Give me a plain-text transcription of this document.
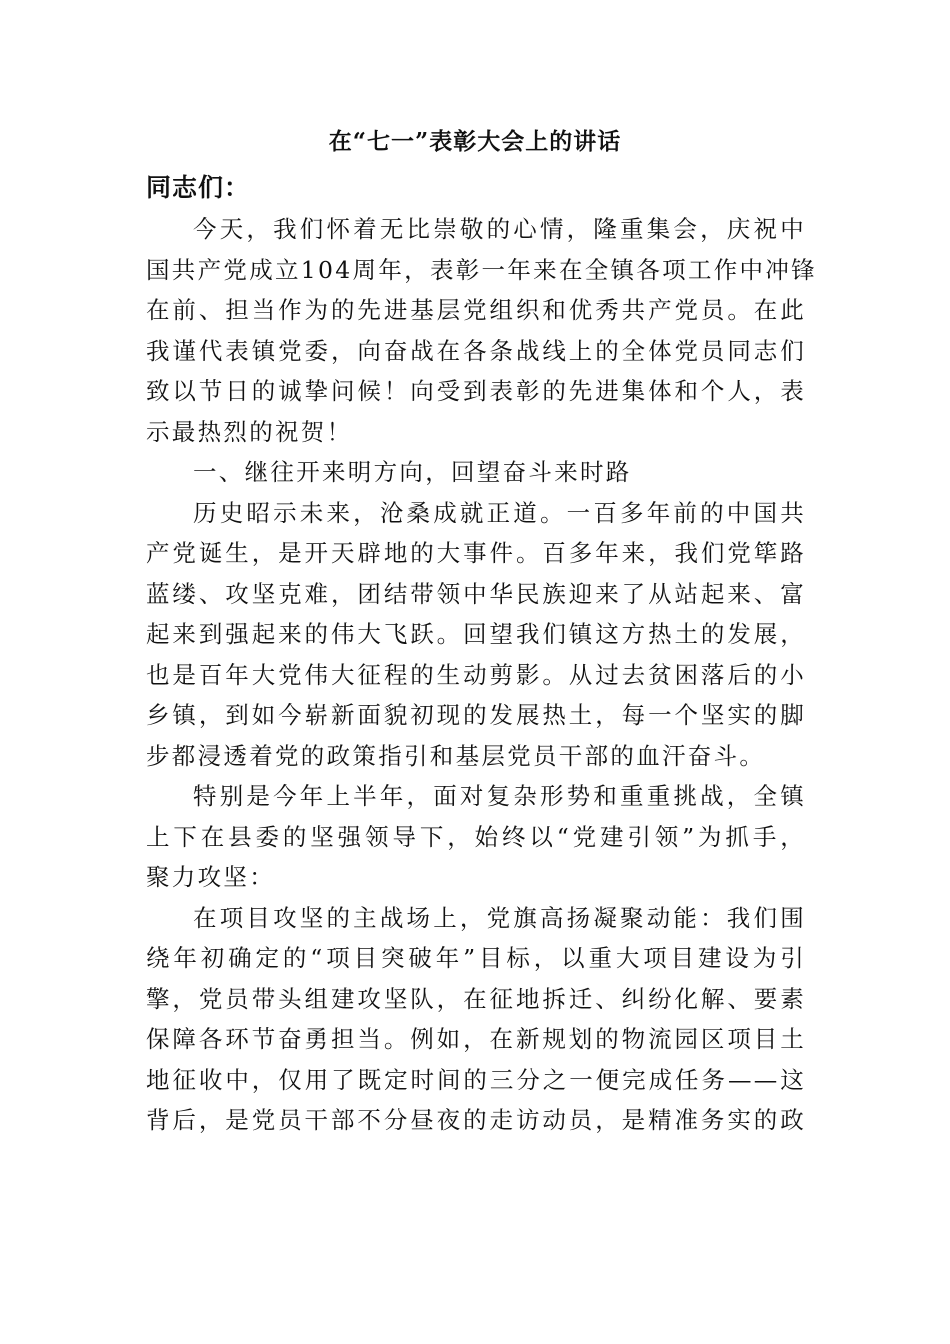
在“七一”表彰大会上的讲话
同志们：

今天，我们怀着无比崇敬的心情，隆重集会，庆祝中
国共产党成立104周年，表彰一年来在全镇各项工作中冲锋
在前、担当作为的先进基层党组织和优秀共产党员。在此
我谨代表镇党委，向奋战在各条战线上的全体党员同志们
致以节日的诚挚问候！向受到表彰的先进集体和个人，表
示最热烈的祝贺！

一、继往开来明方向，回望奋斗来时路

历史昭示未来，沧桑成就正道。一百多年前的中国共
产党诞生，是开天辟地的大事件。百多年来，我们党筚路
蓝缕、攻坚克难，团结带领中华民族迎来了从站起来、富
起来到强起来的伟大飞跃。回望我们镇这方热土的发展，
也是百年大党伟大征程的生动剪影。从过去贫困落后的小
乡镇，到如今崭新面貌初现的发展热土，每一个坚实的脚
步都浸透着党的政策指引和基层党员干部的血汗奋斗。

特别是今年上半年，面对复杂形势和重重挑战，全镇
上下在县委的坚强领导下，始终以“党建引领”为抓手，
聚力攻坚：

在项目攻坚的主战场上，党旗高扬凝聚动能：我们围
绕年初确定的“项目突破年”目标，以重大项目建设为引
擎，党员带头组建攻坚队，在征地拆迁、纠纷化解、要素
保障各环节奋勇担当。例如，在新规划的物流园区项目土
地征收中，仅用了既定时间的三分之一便完成任务——这
背后，是党员干部不分昼夜的走访动员，是精准务实的政
